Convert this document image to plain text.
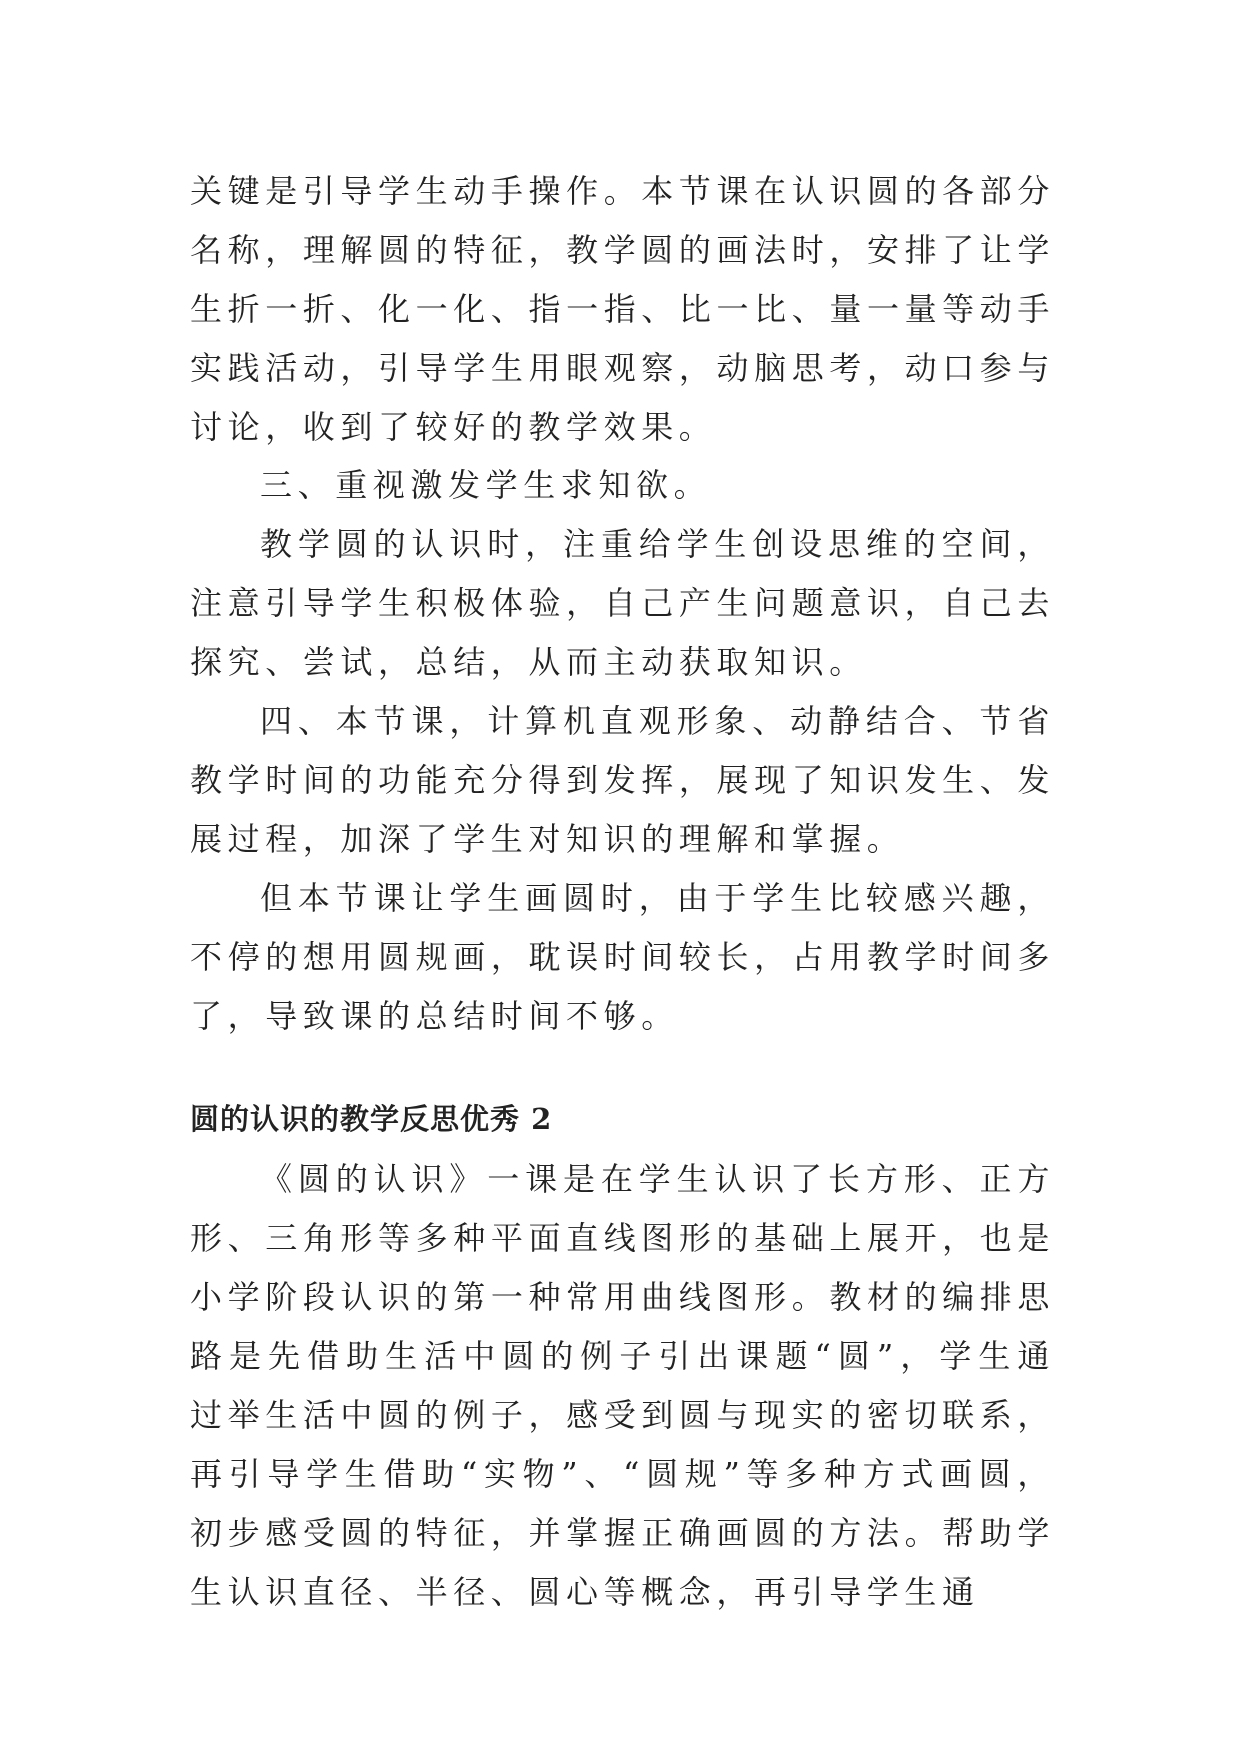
关键是引导学生动手操作。本节课在认识圆的各部分名称，理解圆的特征，教学圆的画法时，安排了让学生折一折、化一化、指一指、比一比、量一量等动手实践活动，引导学生用眼观察，动脑思考，动口参与讨论，收到了较好的教学效果。

三、重视激发学生求知欲。

教学圆的认识时，注重给学生创设思维的空间，注意引导学生积极体验，自己产生问题意识，自己去探究、尝试，总结，从而主动获取知识。

四、本节课，计算机直观形象、动静结合、节省教学时间的功能充分得到发挥，展现了知识发生、发展过程，加深了学生对知识的理解和掌握。

但本节课让学生画圆时，由于学生比较感兴趣，不停的想用圆规画，耽误时间较长，占用教学时间多了，导致课的总结时间不够。

圆的认识的教学反思优秀 2

《圆的认识》一课是在学生认识了长方形、正方形、三角形等多种平面直线图形的基础上展开，也是小学阶段认识的第一种常用曲线图形。教材的编排思路是先借助生活中圆的例子引出课题“圆”，学生通过举生活中圆的例子，感受到圆与现实的密切联系，再引导学生借助“实物”、“圆规”等多种方式画圆，初步感受圆的特征，并掌握正确画圆的方法。帮助学生认识直径、半径、圆心等概念，再引导学生通
